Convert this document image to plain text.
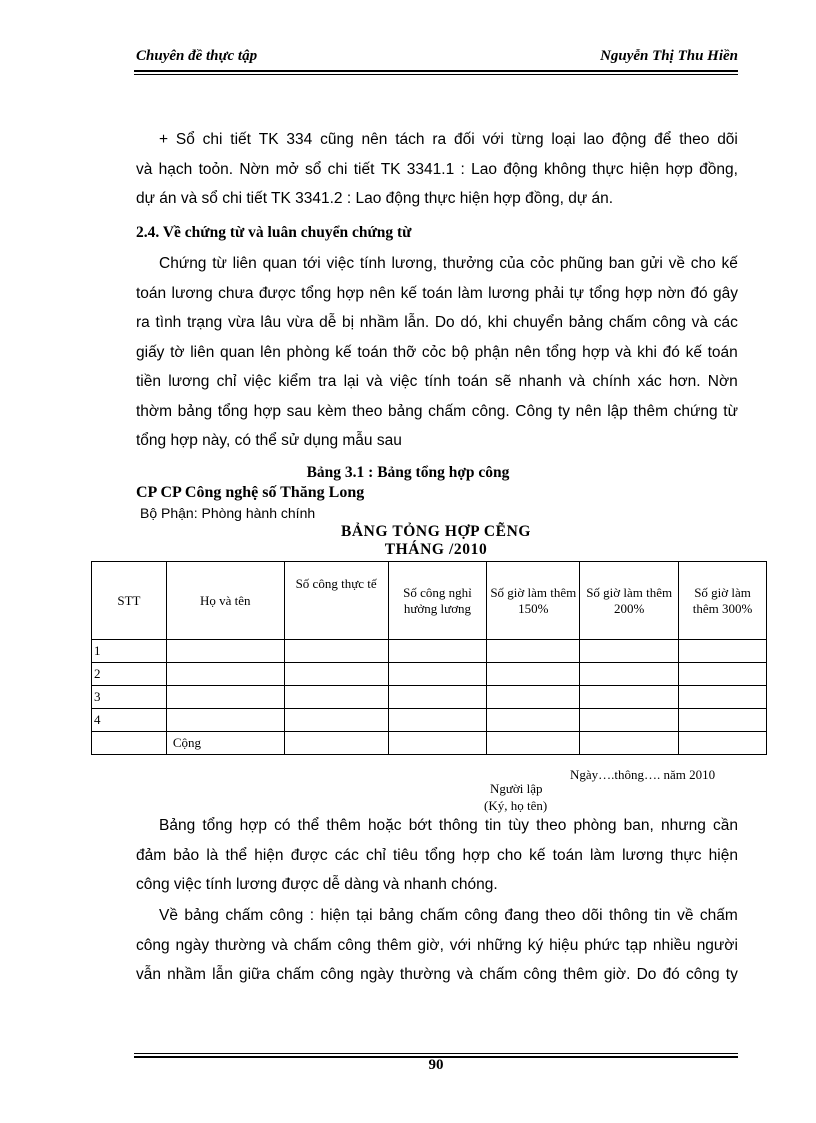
Chuyên đề thực tập	Nguyễn Thị Thu Hiền
+ Sổ chi tiết TK 334 cũng nên tách ra đối với từng loại lao động để theo dõi
và hạch toỏn. Nờn mở sổ chi tiết TK 3341.1 : Lao động không thực hiện hợp đồng,
dự án và sổ chi tiết TK 3341.2 : Lao động thực hiện hợp đồng, dự án.
2.4. Về chứng từ và luân chuyển chứng từ
Chứng từ liên quan tới việc tính lương, thưởng của cỏc phũng ban gửi về cho kế
toán lương chưa được tổng hợp nên kế toán làm lương phải tự tổng hợp nờn đó gây
ra tình trạng vừa lâu vừa dễ bị nhầm lẫn. Do dó, khi chuyển bảng chấm công và các
giấy tờ liên quan lên phòng kế toán thỡ cỏc bộ phận nên tổng hợp và khi đó kế toán
tiền lương chỉ việc kiểm tra lại và việc tính toán sẽ nhanh và chính xác hơn. Nờn
thờm bảng tổng hợp sau kèm theo bảng chấm công. Công ty nên lập thêm chứng từ
tổng hợp này, có thể sử dụng mẫu sau
Bảng 3.1 : Bảng tổng hợp công
CP CP Công nghệ số Thăng Long
Bộ Phận: Phòng hành chính
BẢNG TỎNG HỢP CẼNG
THÁNG /2010
STT	Họ và tên	Số công thực tế	Số công nghỉ hưởng lương	Số giờ làm thêm 150%	Số giờ làm thêm 200%	Số giờ làm thêm 300%
1						
2						
3						
4						
	Cộng					
Ngày….thông…. năm 2010
Người lập
(Ký, họ tên)
Bảng tổng hợp có thể thêm hoặc bớt thông tin tùy theo phòng ban, nhưng cần
đảm bảo là thể hiện được các chỉ tiêu tổng hợp cho kế toán làm lương thực hiện
công việc tính lương được dễ dàng và nhanh chóng.
Về bảng chấm công : hiện tại bảng chấm công đang theo dõi thông tin về chấm
công ngày thường và chấm công thêm giờ, với những ký hiệu phức tạp nhiều người
vẫn nhầm lẫn giữa chấm công ngày thường và chấm công thêm giờ. Do đó công ty
90
